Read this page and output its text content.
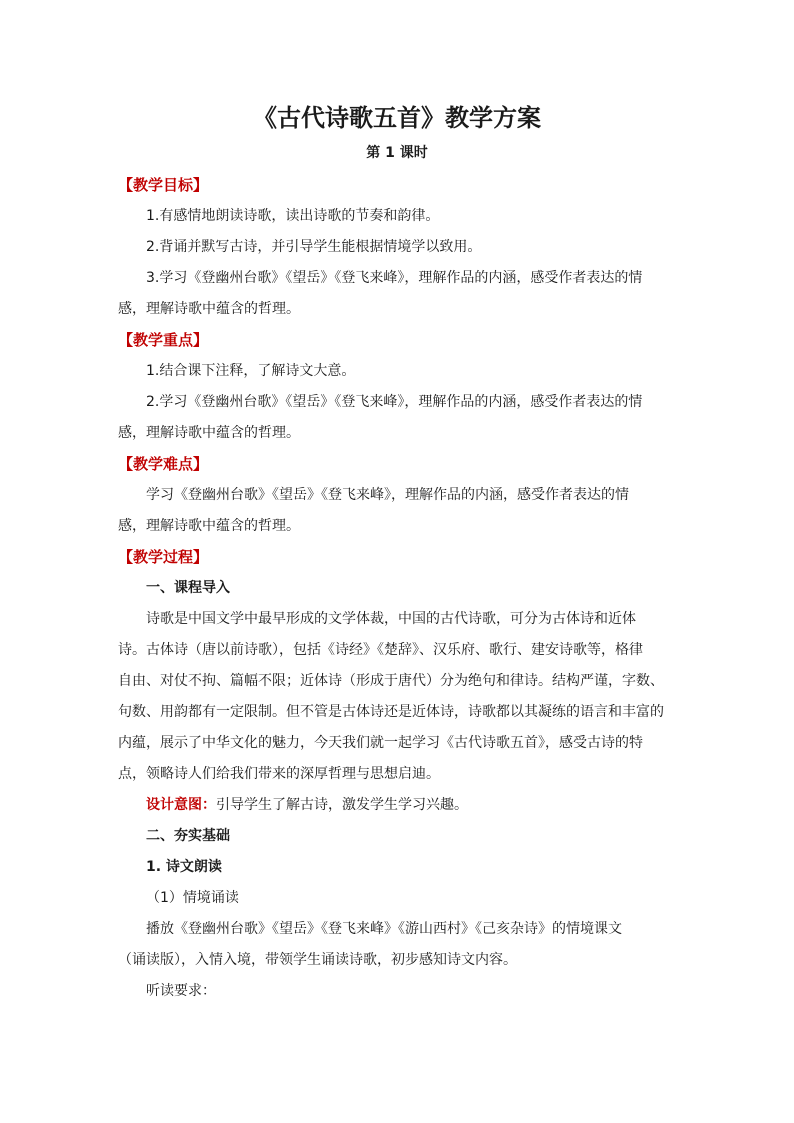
《古代诗歌五首》教学方案
第 1 课时
【教学目标】
1.有感情地朗读诗歌，读出诗歌的节奏和韵律。
2.背诵并默写古诗，并引导学生能根据情境学以致用。
3.学习《登幽州台歌》《望岳》《登飞来峰》，理解作品的内涵，感受作者表达的情
感，理解诗歌中蕴含的哲理。
【教学重点】
1.结合课下注释，了解诗文大意。
2.学习《登幽州台歌》《望岳》《登飞来峰》，理解作品的内涵，感受作者表达的情
感，理解诗歌中蕴含的哲理。
【教学难点】
学习《登幽州台歌》《望岳》《登飞来峰》，理解作品的内涵，感受作者表达的情
感，理解诗歌中蕴含的哲理。
【教学过程】
一、课程导入
诗歌是中国文学中最早形成的文学体裁，中国的古代诗歌，可分为古体诗和近体
诗。古体诗（唐以前诗歌），包括《诗经》《楚辞》、汉乐府、歌行、建安诗歌等，格律
自由、对仗不拘、篇幅不限；近体诗（形成于唐代）分为绝句和律诗。结构严谨，字数、
句数、用韵都有一定限制。但不管是古体诗还是近体诗，诗歌都以其凝练的语言和丰富的
内蕴，展示了中华文化的魅力，今天我们就一起学习《古代诗歌五首》，感受古诗的特
点，领略诗人们给我们带来的深厚哲理与思想启迪。
设计意图：引导学生了解古诗，激发学生学习兴趣。
二、夯实基础
1. 诗文朗读
（1）情境诵读
播放《登幽州台歌》《望岳》《登飞来峰》《游山西村》《己亥杂诗》的情境课文
（诵读版），入情入境，带领学生诵读诗歌，初步感知诗文内容。
听读要求：
